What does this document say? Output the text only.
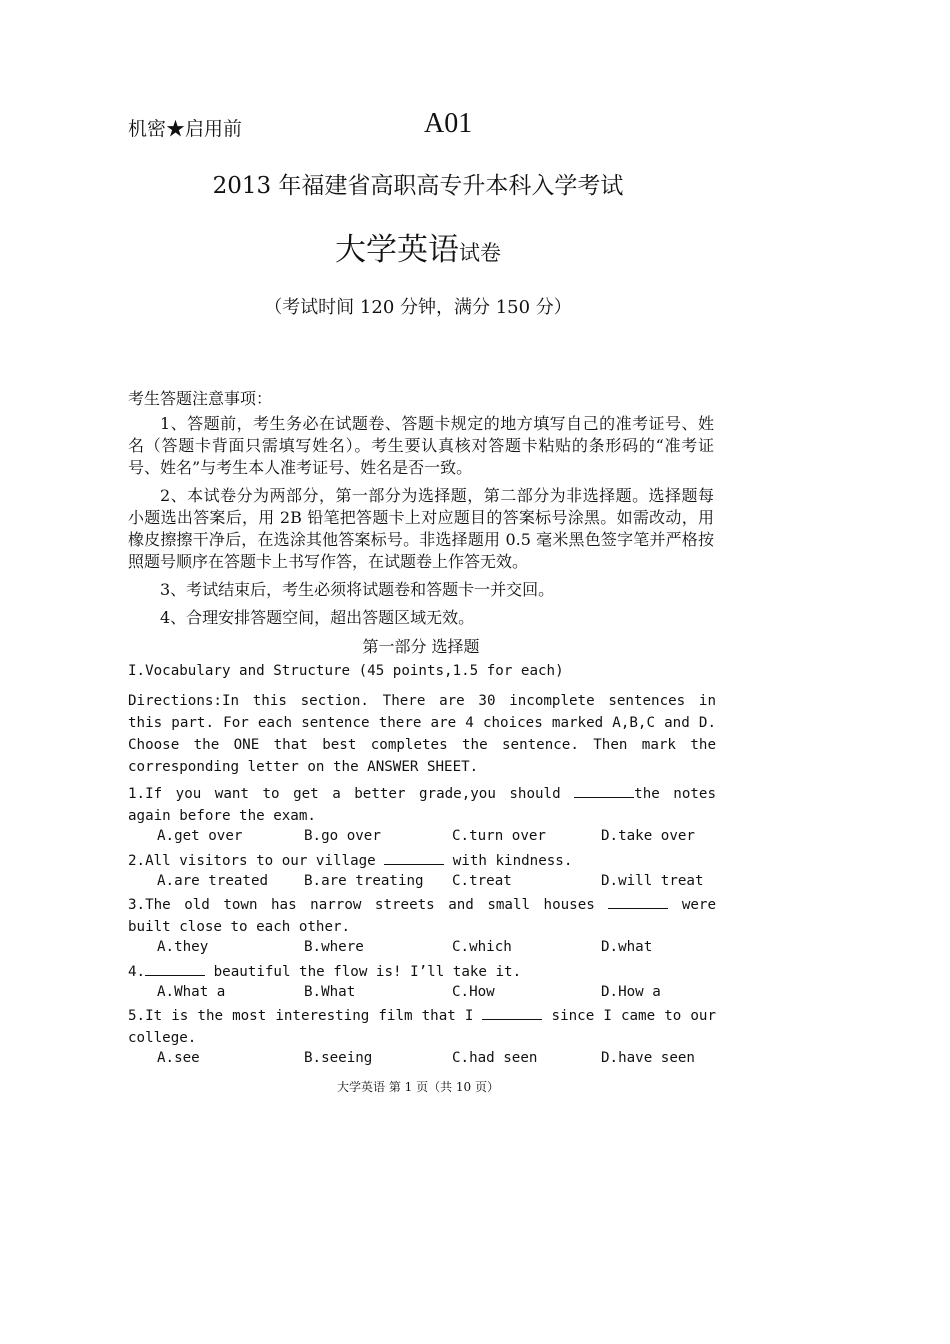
机密★启用前	A01
2013 年福建省高职高专升本科入学考试
大学英语试卷
（考试时间 120 分钟，满分 150 分）
考生答题注意事项：
1、答题前，考生务必在试题卷、答题卡规定的地方填写自己的准考证号、姓名（答题卡背面只需填写姓名）。考生要认真核对答题卡粘贴的条形码的“准考证号、姓名”与考生本人准考证号、姓名是否一致。
2、本试卷分为两部分，第一部分为选择题，第二部分为非选择题。选择题每小题选出答案后，用 2B 铅笔把答题卡上对应题目的答案标号涂黑。如需改动，用橡皮擦擦干净后，在选涂其他答案标号。非选择题用 0.5 毫米黑色签字笔并严格按照题号顺序在答题卡上书写作答，在试题卷上作答无效。
3、考试结束后，考生必须将试题卷和答题卡一并交回。
4、合理安排答题空间，超出答题区域无效。
第一部分 选择题
I.Vocabulary and Structure (45 points,1.5 for each)
Directions:In this section. There are 30 incomplete sentences in this part. For each sentence there are 4 choices marked A,B,C and D. Choose the ONE that best completes the sentence. Then mark the corresponding letter on the ANSWER SHEET.
1.If you want to get a better grade,you should	the notes again before the exam.
A.get over	B.go over	C.turn over	D.take over
2.All visitors to our village	with kindness.
A.are treated	B.are treating C.treat	D.will treat
3.The old town has narrow streets and small houses	were built close to each other.
A.they	B.where	C.which	D.what
4.	beautiful the flow is! I’ll take it.
A.What a	B.What	C.How	D.How a
5.It is the most interesting film that I	since I came to our college.
A.see	B.seeing	C.had seen	D.have seen
大学英语 第 1 页（共 10 页）
